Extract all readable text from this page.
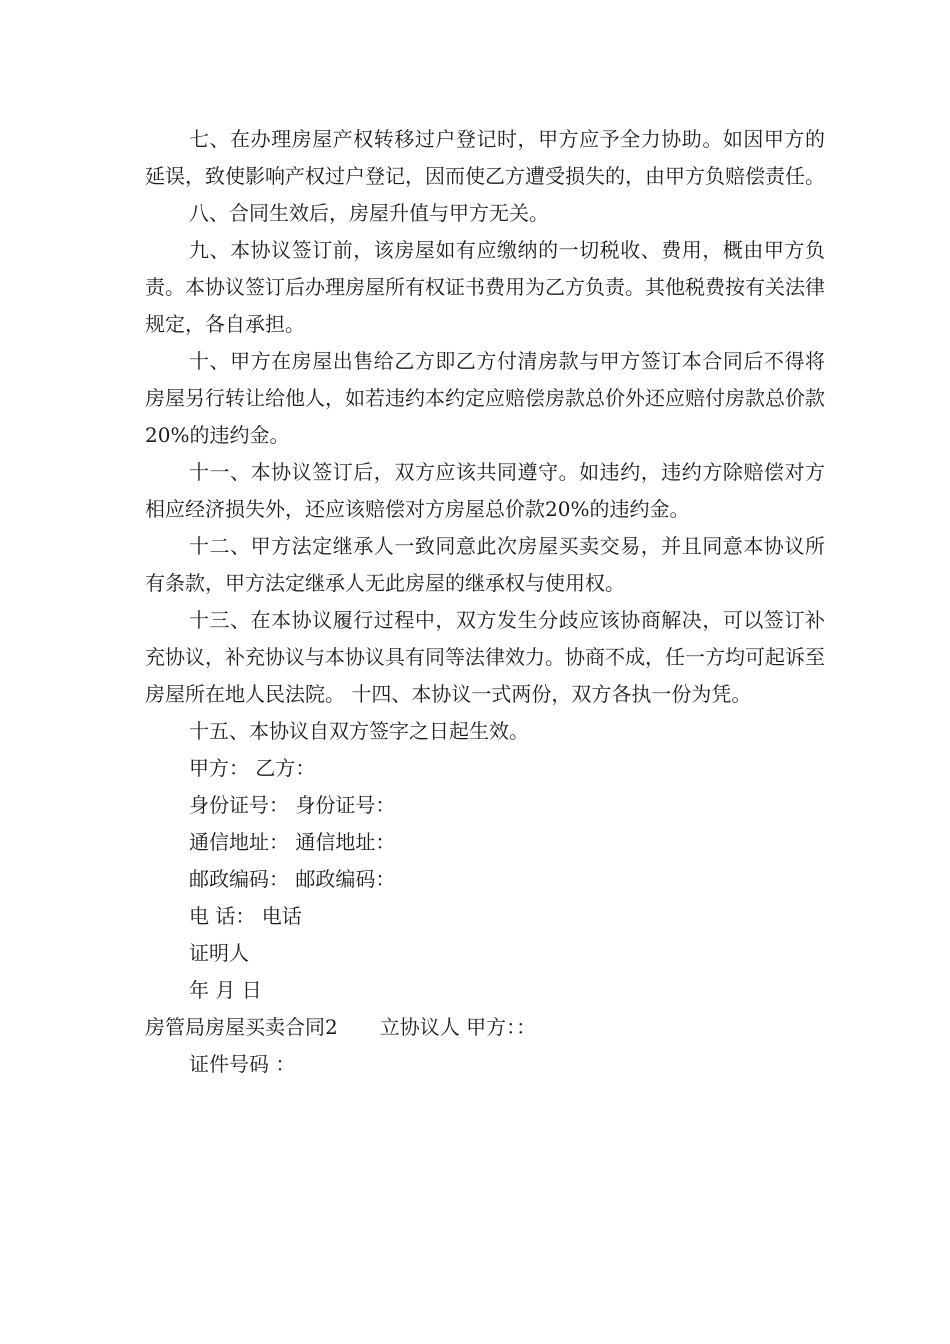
七、在办理房屋产权转移过户登记时，甲方应予全力协助。如因甲方的延误，致使影响产权过户登记，因而使乙方遭受损失的，由甲方负赔偿责任。

八、合同生效后，房屋升值与甲方无关。

九、本协议签订前，该房屋如有应缴纳的一切税收、费用，概由甲方负责。本协议签订后办理房屋所有权证书费用为乙方负责。其他税费按有关法律规定，各自承担。

十、甲方在房屋出售给乙方即乙方付清房款与甲方签订本合同后不得将房屋另行转让给他人，如若违约本约定应赔偿房款总价外还应赔付房款总价款20%的违约金。

十一、本协议签订后，双方应该共同遵守。如违约，违约方除赔偿对方相应经济损失外，还应该赔偿对方房屋总价款20%的违约金。

十二、甲方法定继承人一致同意此次房屋买卖交易，并且同意本协议所有条款，甲方法定继承人无此房屋的继承权与使用权。

十三、在本协议履行过程中，双方发生分歧应该协商解决，可以签订补充协议，补充协议与本协议具有同等法律效力。协商不成，任一方均可起诉至房屋所在地人民法院。 十四、本协议一式两份，双方各执一份为凭。

十五、本协议自双方签字之日起生效。

甲方： 乙方：

身份证号： 身份证号：

通信地址： 通信地址：

邮政编码： 邮政编码：

电 话： 电话

证明人

年 月 日

房管局房屋买卖合同2 立协议人 甲方：：

证件号码 ：
